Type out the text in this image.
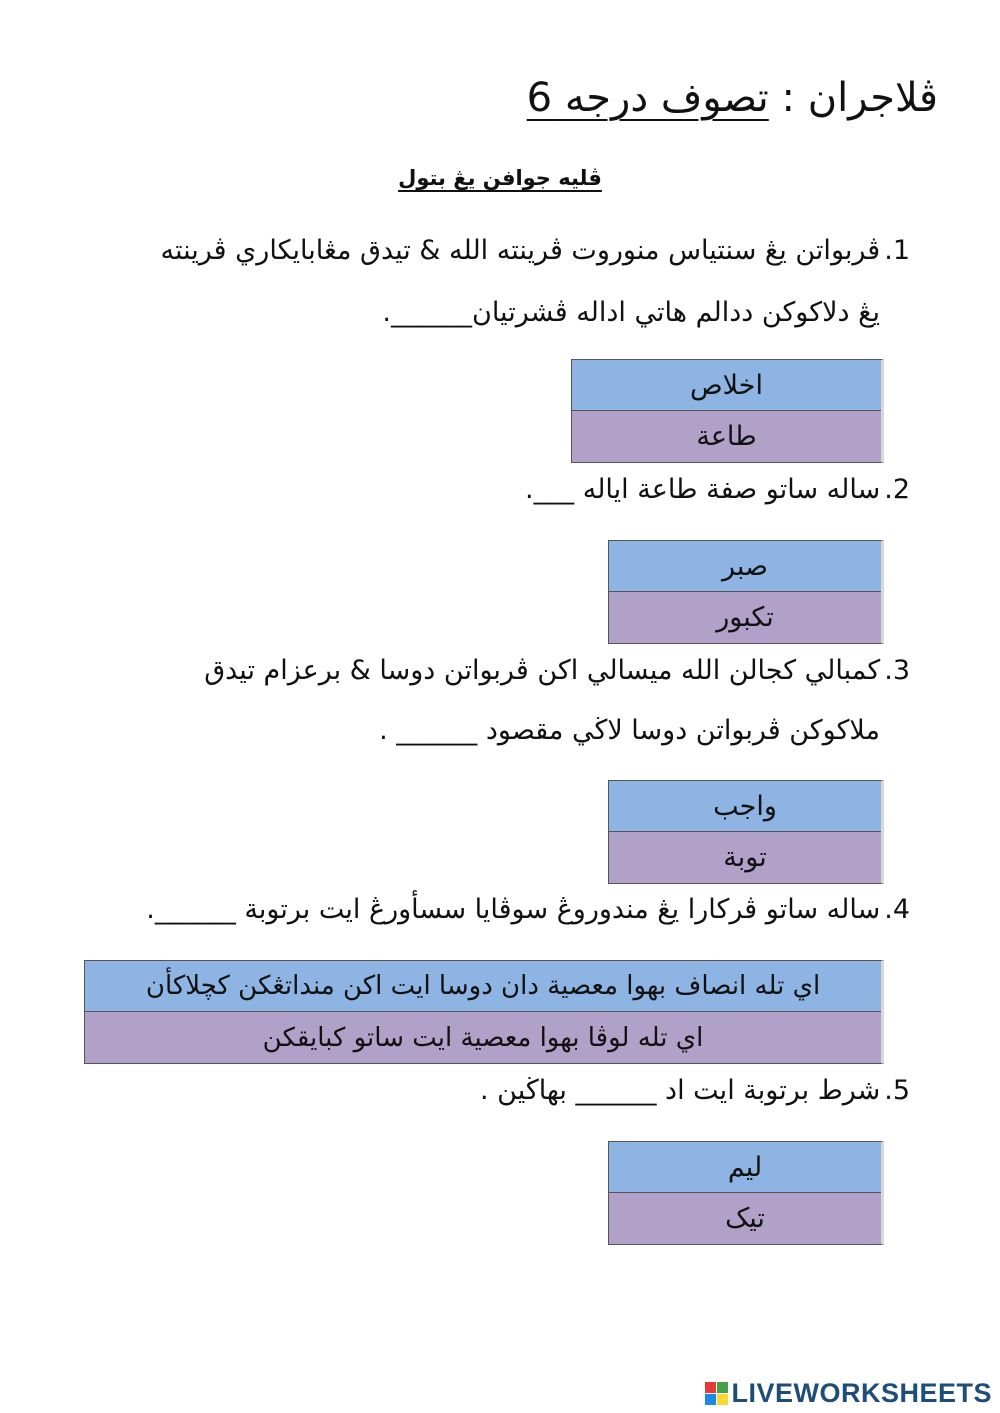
ڤلاجران : تصوف درجه 6
ڤليه جوافن يڠ بتول
1.ڤربواتن يڠ سنتياس منوروت ڤرينته الله & تيدق مڠابايکاري ڤرينته
يڠ دلاكوكن ددالم هاتي اداله ڤشرتيان______.
اخلاص
طاعة
2.ساله ساتو صفة طاعة اياله ___.
صبر
تكبور
3.كمبالي كجالن الله ميسالي اكن ڤربواتن دوسا & برعزام تيدق
ملاكوكن ڤربواتن دوسا لاڬي مقصود ______ .
واجب
توبة
4.ساله ساتو ڤركارا يڠ مندوروڠ سوڤايا سسأورڠ ايت برتوبة ______.
اي تله انصاف بهوا معصية دان دوسا ايت اكن منداتڠكن كچلاكأن
اي تله لوڤا بهوا معصية ايت ساتو كبايقكن
5.شرط برتوبة ايت اد ______ بهاڬين .
ليم
تيک
LIVEWORKSHEETS
